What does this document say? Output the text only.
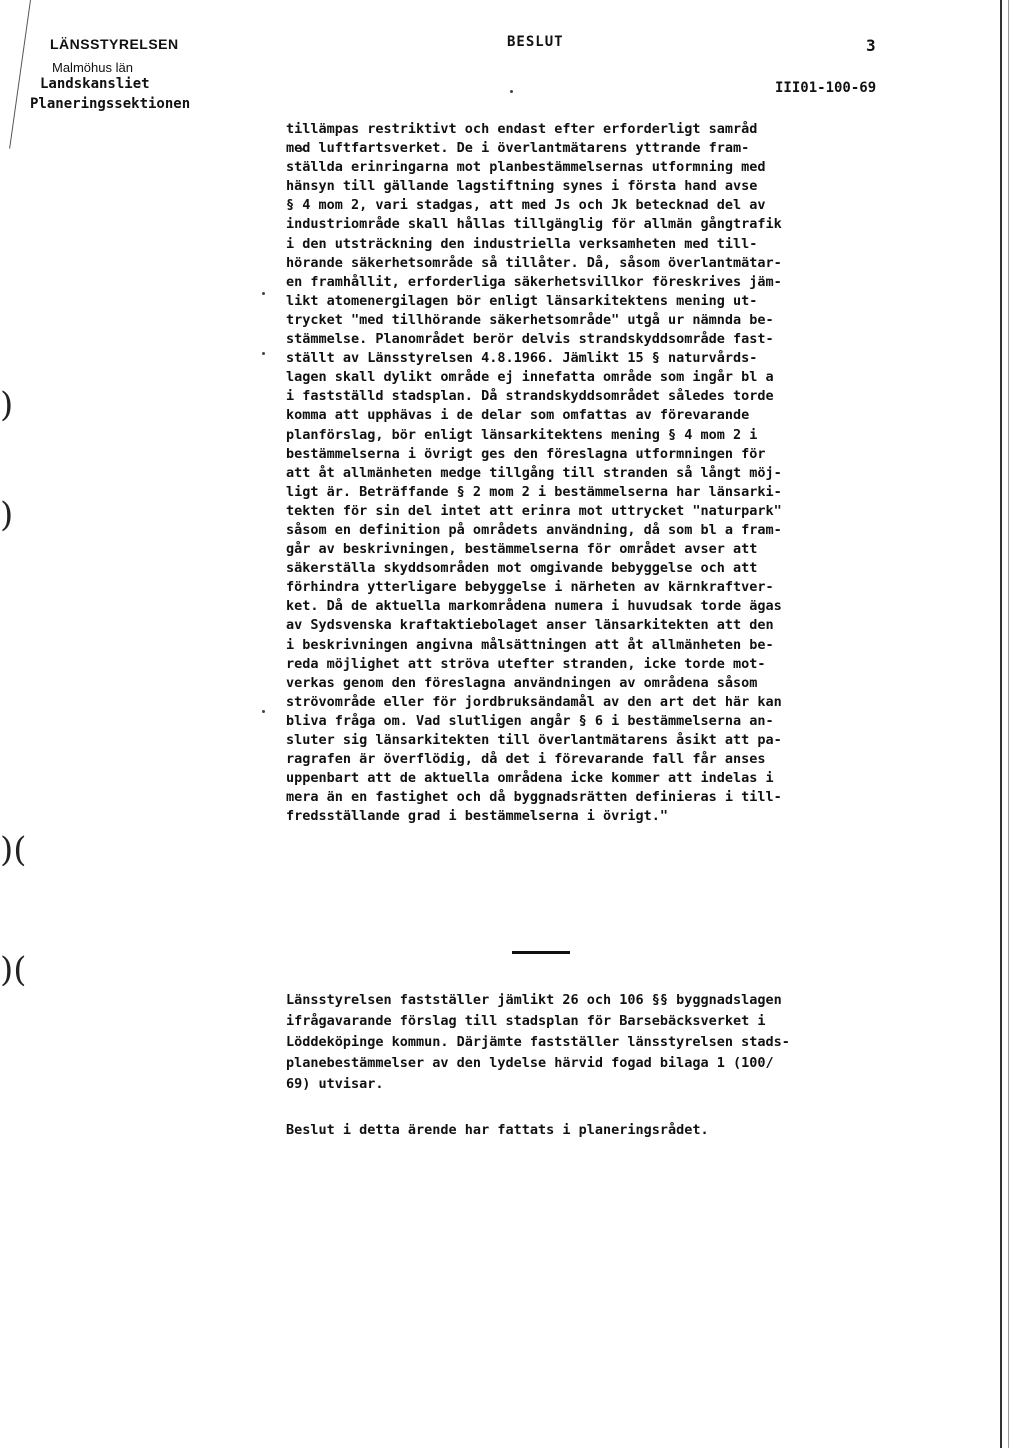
)
)
)(
)(
LÄNSSTYRELSEN
Malmöhus län
Landskansliet
Planeringssektionen
BESLUT	3
III01-100-69
tillämpas restriktivt och endast efter erforderligt samråd
med luftfartsverket. De i överlantmätarens yttrande fram-
ställda erinringarna mot planbestämmelsernas utformning med
hänsyn till gällande lagstiftning synes i första hand avse
§ 4 mom 2, vari stadgas, att med Js och Jk betecknad del av
industriområde skall hållas tillgänglig för allmän gångtrafik
i den utsträckning den industriella verksamheten med till-
hörande säkerhetsområde så tillåter. Då, såsom överlantmätar-
en framhållit, erforderliga säkerhetsvillkor föreskrives jäm-
likt atomenergilagen bör enligt länsarkitektens mening ut-
trycket "med tillhörande säkerhetsområde" utgå ur nämnda be-
stämmelse. Planområdet berör delvis strandskyddsområde fast-
ställt av Länsstyrelsen 4.8.1966. Jämlikt 15 § naturvårds-
lagen skall dylikt område ej innefatta område som ingår bl a
i fastställd stadsplan. Då strandskyddsområdet således torde
komma att upphävas i de delar som omfattas av förevarande
planförslag, bör enligt länsarkitektens mening § 4 mom 2 i
bestämmelserna i övrigt ges den föreslagna utformningen för
att åt allmänheten medge tillgång till stranden så långt möj-
ligt är. Beträffande § 2 mom 2 i bestämmelserna har länsarki-
tekten för sin del intet att erinra mot uttrycket "naturpark"
såsom en definition på områdets användning, då som bl a fram-
går av beskrivningen, bestämmelserna för området avser att
säkerställa skyddsområden mot omgivande bebyggelse och att
förhindra ytterligare bebyggelse i närheten av kärnkraftver-
ket. Då de aktuella markområdena numera i huvudsak torde ägas
av Sydsvenska kraftaktiebolaget anser länsarkitekten att den
i beskrivningen angivna målsättningen att åt allmänheten be-
reda möjlighet att ströva utefter stranden, icke torde mot-
verkas genom den föreslagna användningen av områdena såsom
strövområde eller för jordbruksändamål av den art det här kan
bliva fråga om. Vad slutligen angår § 6 i bestämmelserna an-
sluter sig länsarkitekten till överlantmätarens åsikt att pa-
ragrafen är överflödig, då det i förevarande fall får anses
uppenbart att de aktuella områdena icke kommer att indelas i
mera än en fastighet och då byggnadsrätten definieras i till-
fredsställande grad i bestämmelserna i övrigt."
Länsstyrelsen fastställer jämlikt 26 och 106 §§ byggnadslagen
ifrågavarande förslag till stadsplan för Barsebäcksverket i
Löddeköpinge kommun. Därjämte fastställer länsstyrelsen stads-
planebestämmelser av den lydelse härvid fogad bilaga 1 (100/
69) utvisar.
Beslut i detta ärende har fattats i planeringsrådet.
